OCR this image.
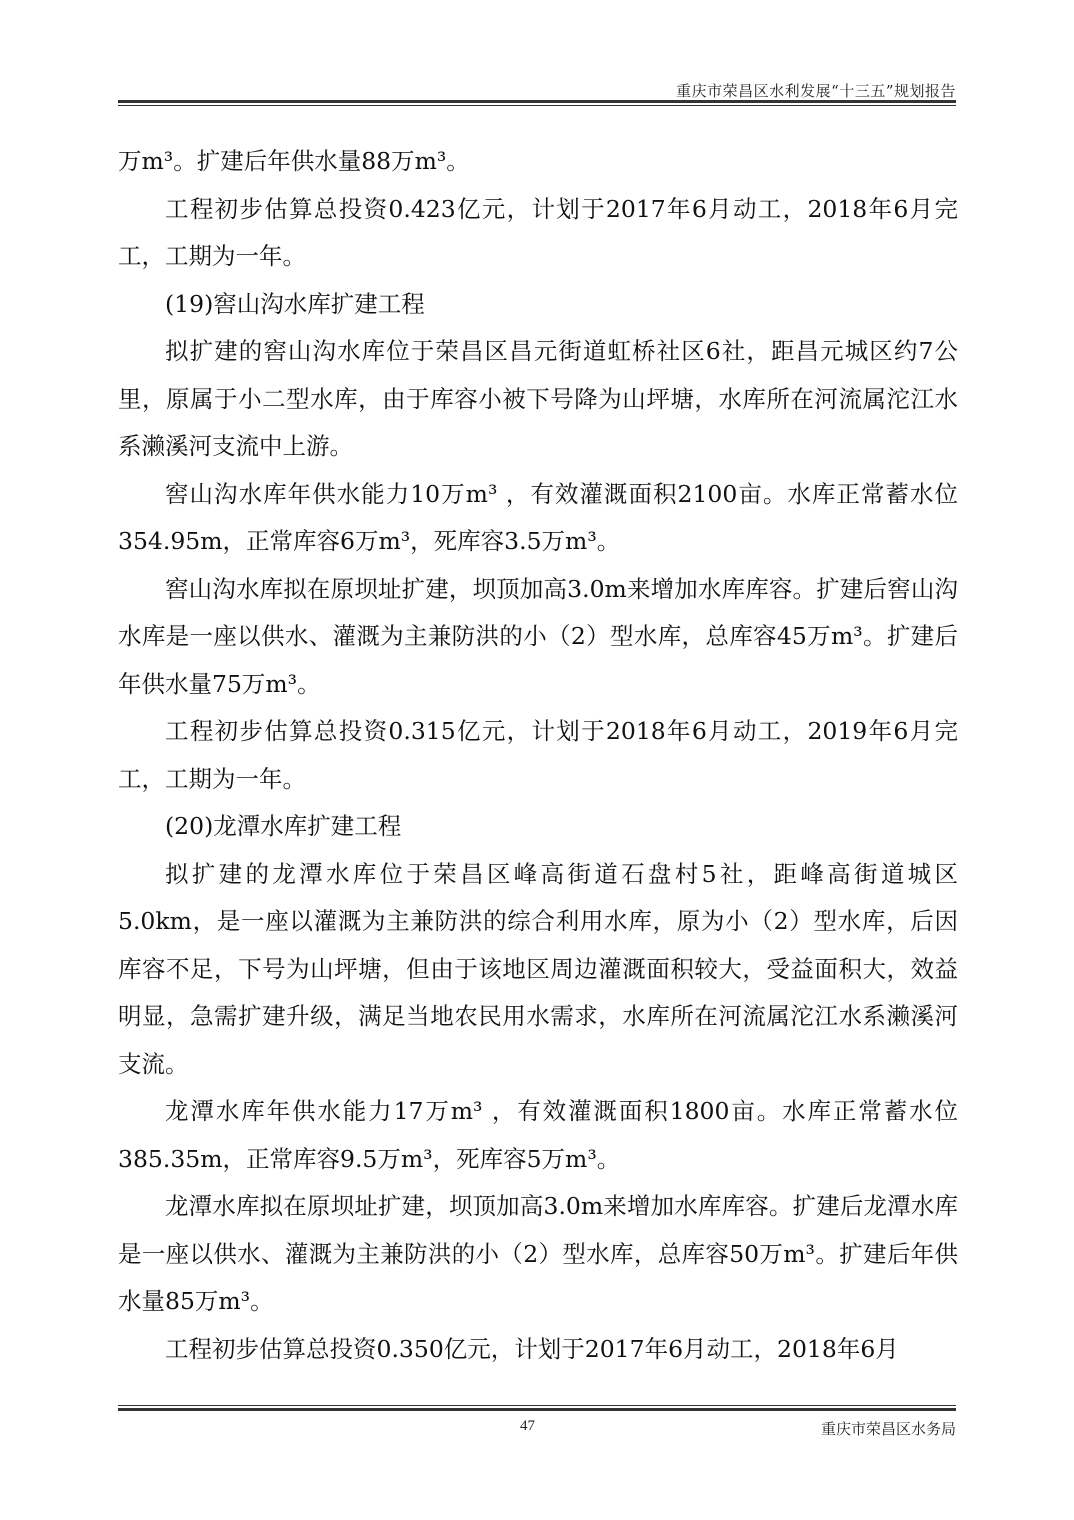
重庆市荣昌区水利发展“十三五”规划报告

万m³。扩建后年供水量88万m³。

工程初步估算总投资0.423亿元，计划于2017年6月动工，2018年6月完工，工期为一年。

(19)窖山沟水库扩建工程

拟扩建的窖山沟水库位于荣昌区昌元街道虹桥社区6社，距昌元城区约7公里，原属于小二型水库，由于库容小被下号降为山坪塘，水库所在河流属沱江水系濑溪河支流中上游。

窖山沟水库年供水能力10万m³ ，有效灌溉面积2100亩。水库正常蓄水位354.95m，正常库容6万m³，死库容3.5万m³。

窖山沟水库拟在原坝址扩建，坝顶加高3.0m来增加水库库容。扩建后窖山沟水库是一座以供水、灌溉为主兼防洪的小（2）型水库，总库容45万m³。扩建后年供水量75万m³。

工程初步估算总投资0.315亿元，计划于2018年6月动工，2019年6月完工，工期为一年。

(20)龙潭水库扩建工程

拟扩建的龙潭水库位于荣昌区峰高街道石盘村5社，距峰高街道城区5.0km，是一座以灌溉为主兼防洪的综合利用水库，原为小（2）型水库，后因库容不足，下号为山坪塘，但由于该地区周边灌溉面积较大，受益面积大，效益明显，急需扩建升级，满足当地农民用水需求，水库所在河流属沱江水系濑溪河支流。

龙潭水库年供水能力17万m³ ，有效灌溉面积1800亩。水库正常蓄水位385.35m，正常库容9.5万m³，死库容5万m³。

龙潭水库拟在原坝址扩建，坝顶加高3.0m来增加水库库容。扩建后龙潭水库是一座以供水、灌溉为主兼防洪的小（2）型水库，总库容50万m³。扩建后年供水量85万m³。

工程初步估算总投资0.350亿元，计划于2017年6月动工，2018年6月

47	重庆市荣昌区水务局
